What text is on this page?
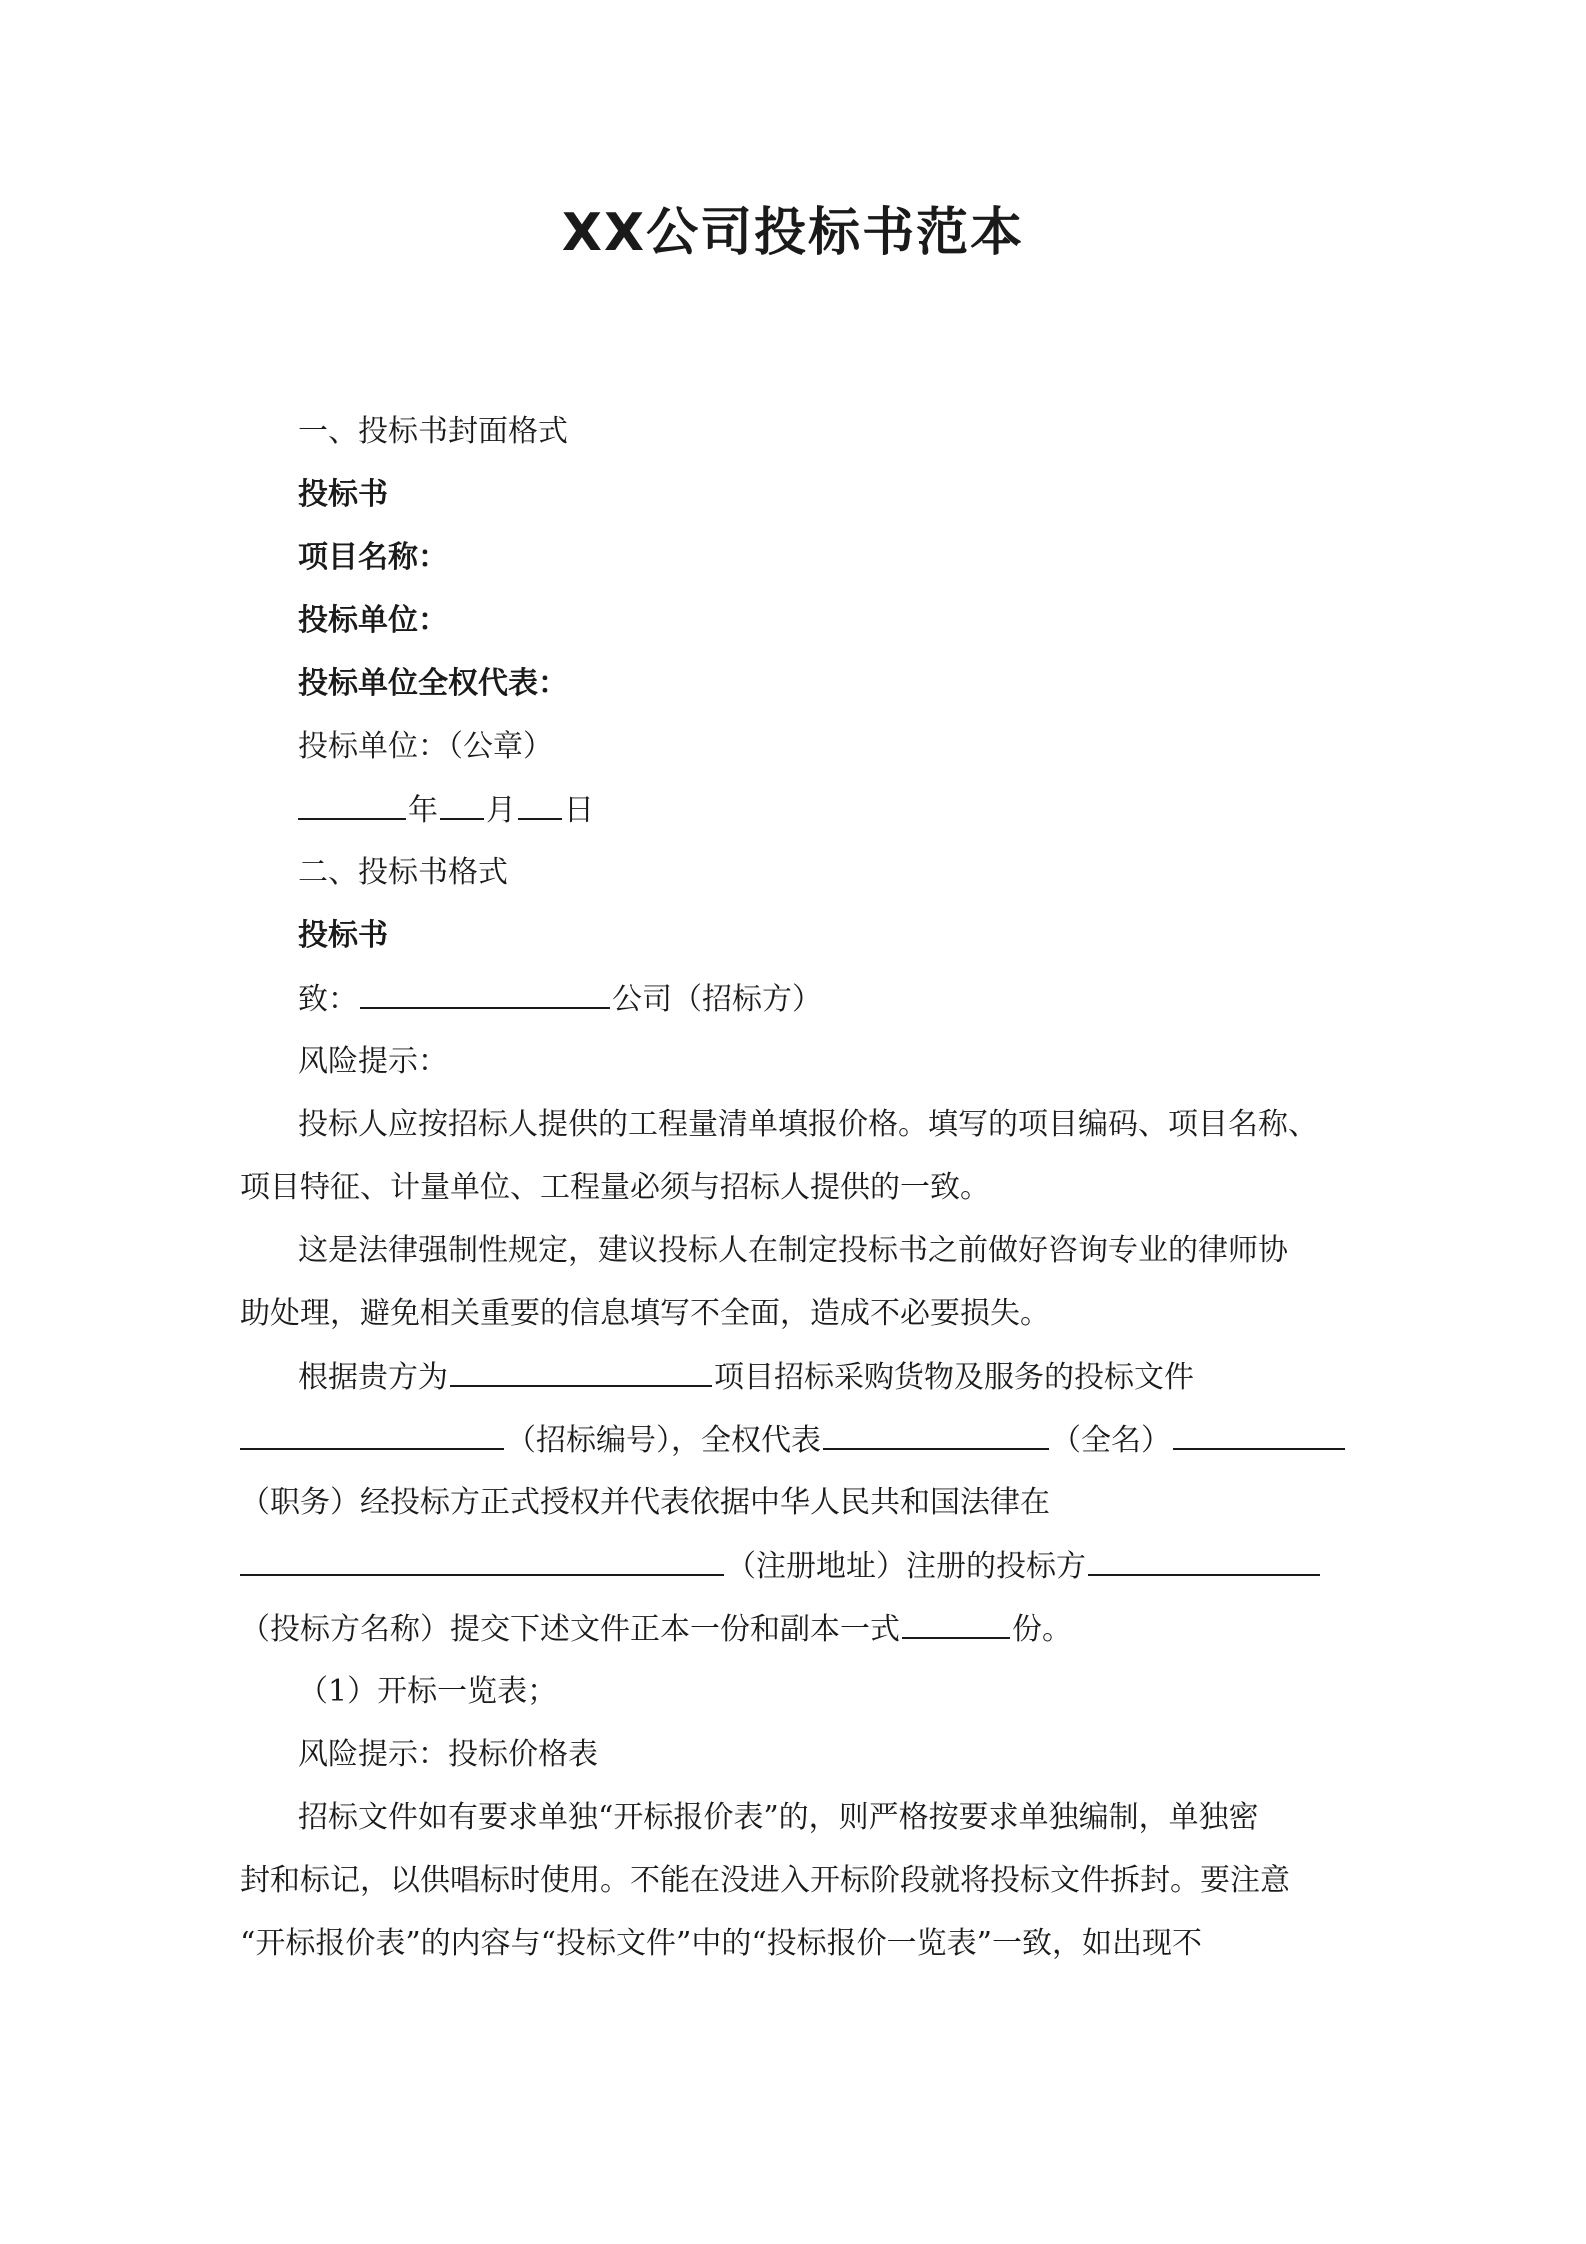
XX公司投标书范本
一、投标书封面格式
投标书
项目名称：
投标单位：
投标单位全权代表：
投标单位：（公章）
年 月 日
二、投标书格式
投标书
致：	公司（招标方）
风险提示：
投标人应按招标人提供的工程量清单填报价格。填写的项目编码、项目名称、
项目特征、计量单位、工程量必须与招标人提供的一致。
这是法律强制性规定，建议投标人在制定投标书之前做好咨询专业的律师协
助处理，避免相关重要的信息填写不全面，造成不必要损失。
根据贵方为	项目招标采购货物及服务的投标文件
（招标编号），全权代表	（全名）
（职务）经投标方正式授权并代表依据中华人民共和国法律在
（注册地址）注册的投标方
（投标方名称）提交下述文件正本一份和副本一式	份。
（1）开标一览表；
风险提示：投标价格表
招标文件如有要求单独“开标报价表”的，则严格按要求单独编制，单独密
封和标记，以供唱标时使用。不能在没进入开标阶段就将投标文件拆封。要注意
“开标报价表”的内容与“投标文件”中的“投标报价一览表”一致，如出现不
